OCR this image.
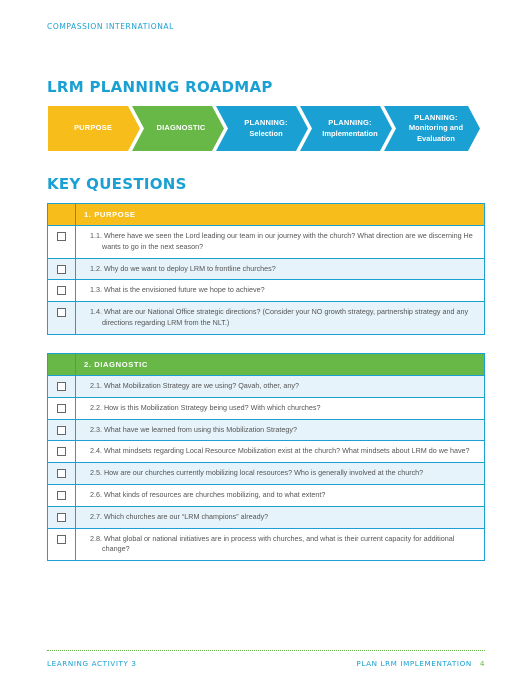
COMPASSION INTERNATIONAL
LRM PLANNING ROADMAP
PURPOSE	DIAGNOSTIC
PLANNING:
Selection
PLANNING:
Implementation
PLANNING:
Monitoring and Evaluation
KEY QUESTIONS
	1. PURPOSE

	1.1. Where have we seen the Lord leading our team in our journey with the church? What direction are we discerning He wants to go in the next season?

	1.2. Why do we want to deploy LRM to frontline churches?

	1.3. What is the envisioned future we hope to achieve?

	1.4. What are our National Office strategic directions? (Consider your NO growth strategy, partnership strategy and any directions regarding LRM from the NLT.)
	2. DIAGNOSTIC

	2.1. What Mobilization Strategy are we using? Qavah, other, any?

	2.2. How is this Mobilization Strategy being used? With which churches?

	2.3. What have we learned from using this Mobilization Strategy?

	2.4. What mindsets regarding Local Resource Mobilization exist at the church? What mindsets about LRM do we have?

	2.5. How are our churches currently mobilizing local resources? Who is generally involved at the church?

	2.6. What kinds of resources are churches mobilizing, and to what extent?

	2.7. Which churches are our “LRM champions” already?

	2.8. What global or national initiatives are in process with churches, and what is their current capacity for additional change?
LEARNING ACTIVITY 3	PLAN LRM IMPLEMENTATION 4
